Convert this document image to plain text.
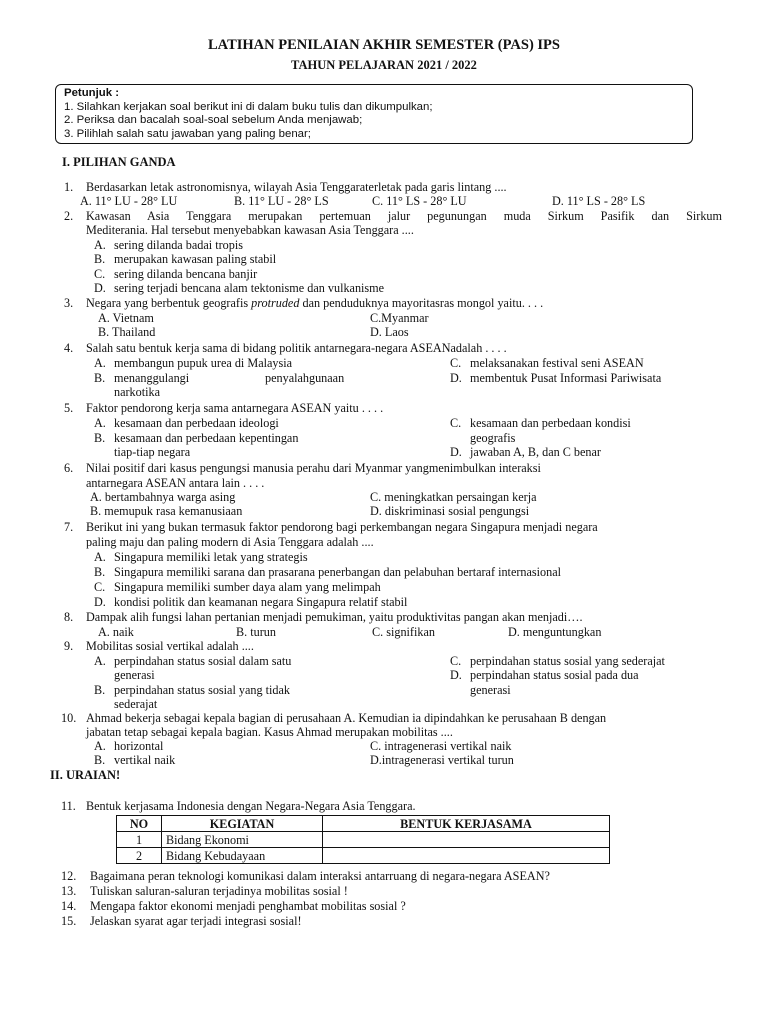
LATIHAN PENILAIAN AKHIR SEMESTER (PAS) IPS
TAHUN PELAJARAN 2021 / 2022
Petunjuk :
1. Silahkan kerjakan soal berikut ini di dalam buku tulis dan dikumpulkan;
2. Periksa dan bacalah soal-soal sebelum Anda menjawab;
3. Pilihlah salah satu jawaban yang paling benar;
I. PILIHAN GANDA
1. Berdasarkan letak astronomisnya, wilayah Asia Tenggaraterletak pada garis lintang ....
A. 11° LU - 28° LU	B. 11° LU - 28° LS	C. 11° LS - 28° LU	D. 11° LS - 28° LS
2. Kawasan Asia Tenggara merupakan pertemuan jalur pegunungan muda Sirkum Pasifik dan Sirkum
Mediterania. Hal tersebut menyebabkan kawasan Asia Tenggara ....
A. sering dilanda badai tropis
B. merupakan kawasan paling stabil
C. sering dilanda bencana banjir
D. sering terjadi bencana alam tektonisme dan vulkanisme
3. Negara yang berbentuk geografis protruded dan penduduknya mayoritasras mongol yaitu. . . .
A. Vietnam
B. Thailand
C.Myanmar
D. Laos
4. Salah satu bentuk kerja sama di bidang politik antarnegara-negara ASEANadalah . . . .
A. membangun pupuk urea di Malaysia
B. menanggulangi	penyalahgunaan
narkotika
C. melaksanakan festival seni ASEAN
D. membentuk Pusat Informasi Pariwisata
5. Faktor pendorong kerja sama antarnegara ASEAN yaitu . . . .
A. kesamaan dan perbedaan ideologi
B. kesamaan dan perbedaan kepentingan
tiap-tiap negara
C. kesamaan dan perbedaan kondisi
geografis
D. jawaban A, B, dan C benar
6. Nilai positif dari kasus pengungsi manusia perahu dari Myanmar yangmenimbulkan interaksi
antarnegara ASEAN antara lain . . . .
A. bertambahnya warga asing
B. memupuk rasa kemanusiaan
C. meningkatkan persaingan kerja
D. diskriminasi sosial pengungsi
7. Berikut ini yang bukan termasuk faktor pendorong bagi perkembangan negara Singapura menjadi negara
paling maju dan paling modern di Asia Tenggara adalah ....
A. Singapura memiliki letak yang strategis
B. Singapura memiliki sarana dan prasarana penerbangan dan pelabuhan bertaraf internasional
C. Singapura memiliki sumber daya alam yang melimpah
D. kondisi politik dan keamanan negara Singapura relatif stabil
8. Dampak alih fungsi lahan pertanian menjadi pemukiman, yaitu produktivitas pangan akan menjadi….
A. naik	B. turun	C. signifikan	D. menguntungkan
9. Mobilitas sosial vertikal adalah ....
A. perpindahan status sosial dalam satu
generasi
B. perpindahan status sosial yang tidak
sederajat
C. perpindahan status sosial yang sederajat
D. perpindahan status sosial pada dua
generasi
10. Ahmad bekerja sebagai kepala bagian di perusahaan A. Kemudian ia dipindahkan ke perusahaan B dengan
jabatan tetap sebagai kepala bagian. Kasus Ahmad merupakan mobilitas ....
A. horizontal
B. vertikal naik
C. intragenerasi vertikal naik
D.intragenerasi vertikal turun
II. URAIAN!
11. Bentuk kerjasama Indonesia dengan Negara-Negara Asia Tenggara.
NO	KEGIATAN	BENTUK KERJASAMA
1	Bidang Ekonomi	
2	Bidang Kebudayaan	
12. Bagaimana peran teknologi komunikasi dalam interaksi antarruang di negara-negara ASEAN?
13. Tuliskan saluran-saluran terjadinya mobilitas sosial !
14. Mengapa faktor ekonomi menjadi penghambat mobilitas sosial ?
15. Jelaskan syarat agar terjadi integrasi sosial!
